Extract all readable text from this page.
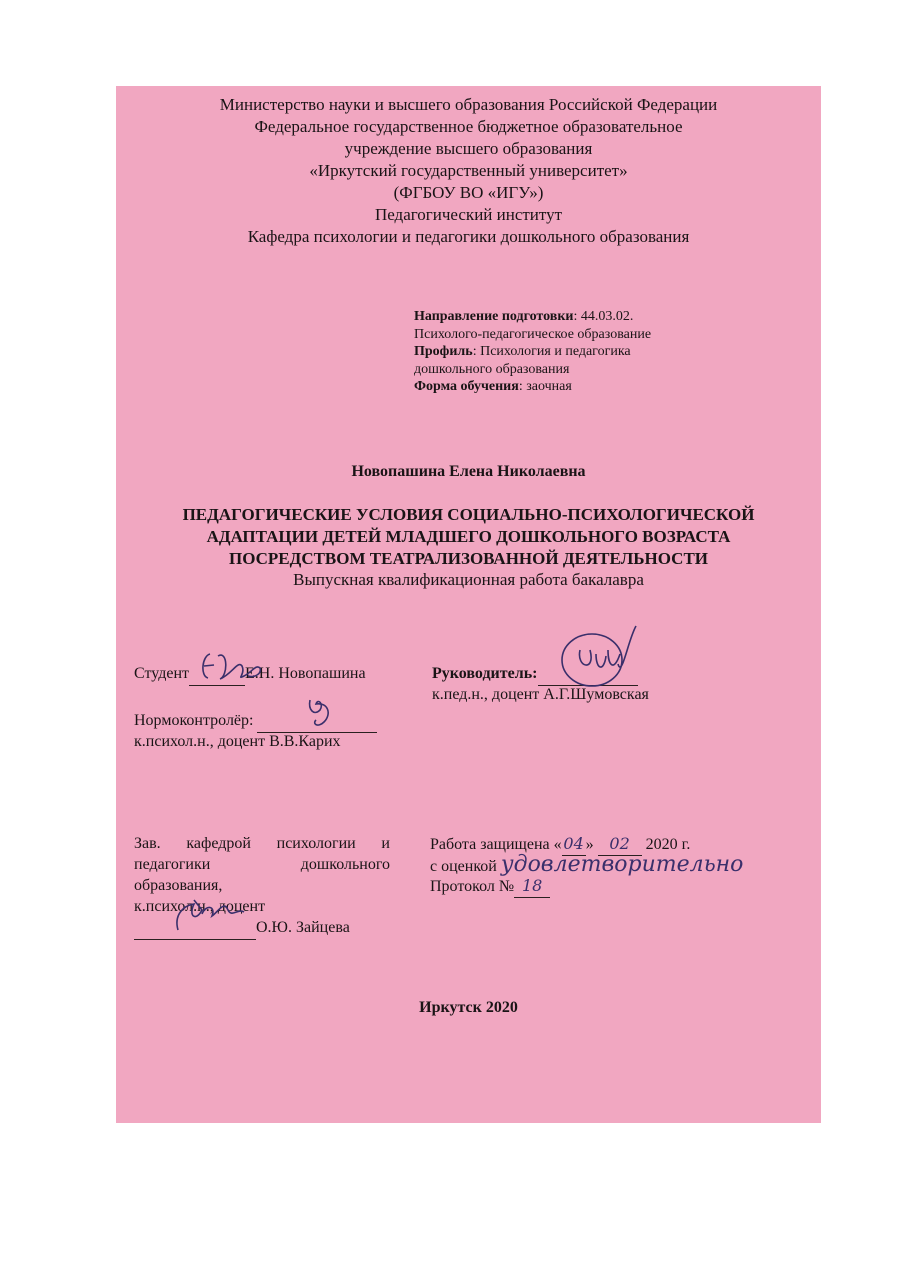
Министерство науки и высшего образования Российской Федерации
Федеральное государственное бюджетное образовательное
учреждение высшего образования
«Иркутский государственный университет»
(ФГБОУ ВО «ИГУ»)
Педагогический институт
Кафедра психологии и педагогики дошкольного образования
Направление подготовки: 44.03.02.
Психолого-педагогическое образование
Профиль: Психология и педагогика
дошкольного образования
Форма обучения: заочная
Новопашина Елена Николаевна
ПЕДАГОГИЧЕСКИЕ УСЛОВИЯ СОЦИАЛЬНО-ПСИХОЛОГИЧЕСКОЙ
АДАПТАЦИИ ДЕТЕЙ МЛАДШЕГО ДОШКОЛЬНОГО ВОЗРАСТА
ПОСРЕДСТВОМ ТЕАТРАЛИЗОВАННОЙ ДЕЯТЕЛЬНОСТИ
Выпускная квалификационная работа бакалавра
Студент	Е.Н. Новопашина	Руководитель:
к.пед.н., доцент А.Г.Шумовская
Нормоконтролёр:
к.психол.н., доцент В.В.Карих
Зав. кафедрой психологии и
педагогики	дошкольного
образования,
к.психол.н., доцент
О.Ю. Зайцева
Работа защищена « 04 » 02 2020 г.
с оценкой удовлетворительно
Протокол № 18
Иркутск 2020
